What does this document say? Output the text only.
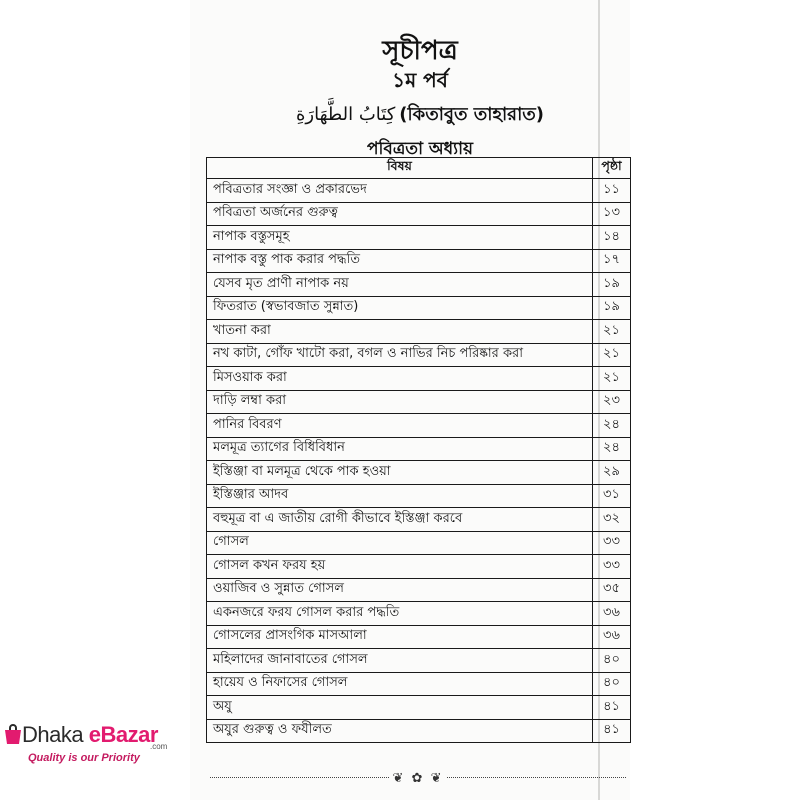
সূচীপত্র
১ম পর্ব
كِتَابُ الطَّهَارَةِ (কিতাবুত তাহারাত)
পবিত্রতা অধ্যায়
বিষয়	পৃষ্ঠা
পবিত্রতার সংজ্ঞা ও প্রকারভেদ	১১
পবিত্রতা অর্জনের গুরুত্ব	১৩
নাপাক বস্তুসমূহ	১৪
নাপাক বস্তু পাক করার পদ্ধতি	১৭
যেসব মৃত প্রাণী নাপাক নয়	১৯
ফিতরাত (স্বভাবজাত সুন্নাত)	১৯
খাতনা করা	২১
নখ কাটা, গোঁফ খাটো করা, বগল ও নাভির নিচ পরিষ্কার করা	২১
মিসওয়াক করা	২১
দাড়ি লম্বা করা	২৩
পানির বিবরণ	২৪
মলমূত্র ত্যাগের বিধিবিধান	২৪
ইস্তিঞ্জা বা মলমূত্র থেকে পাক হওয়া	২৯
ইস্তিঞ্জার আদব	৩১
বহুমূত্র বা এ জাতীয় রোগী কীভাবে ইস্তিঞ্জা করবে	৩২
গোসল	৩৩
গোসল কখন ফরয হয়	৩৩
ওয়াজিব ও সুন্নাত গোসল	৩৫
একনজরে ফরয গোসল করার পদ্ধতি	৩৬
গোসলের প্রাসংগিক মাসআলা	৩৬
মহিলাদের জানাবাতের গোসল	৪০
হায়েয ও নিফাসের গোসল	৪০
অযু	৪১
অযুর গুরুত্ব ও ফযীলত	৪১
❦ ✿ ❦
Dhaka eBazar
.com
Quality is our Priority
